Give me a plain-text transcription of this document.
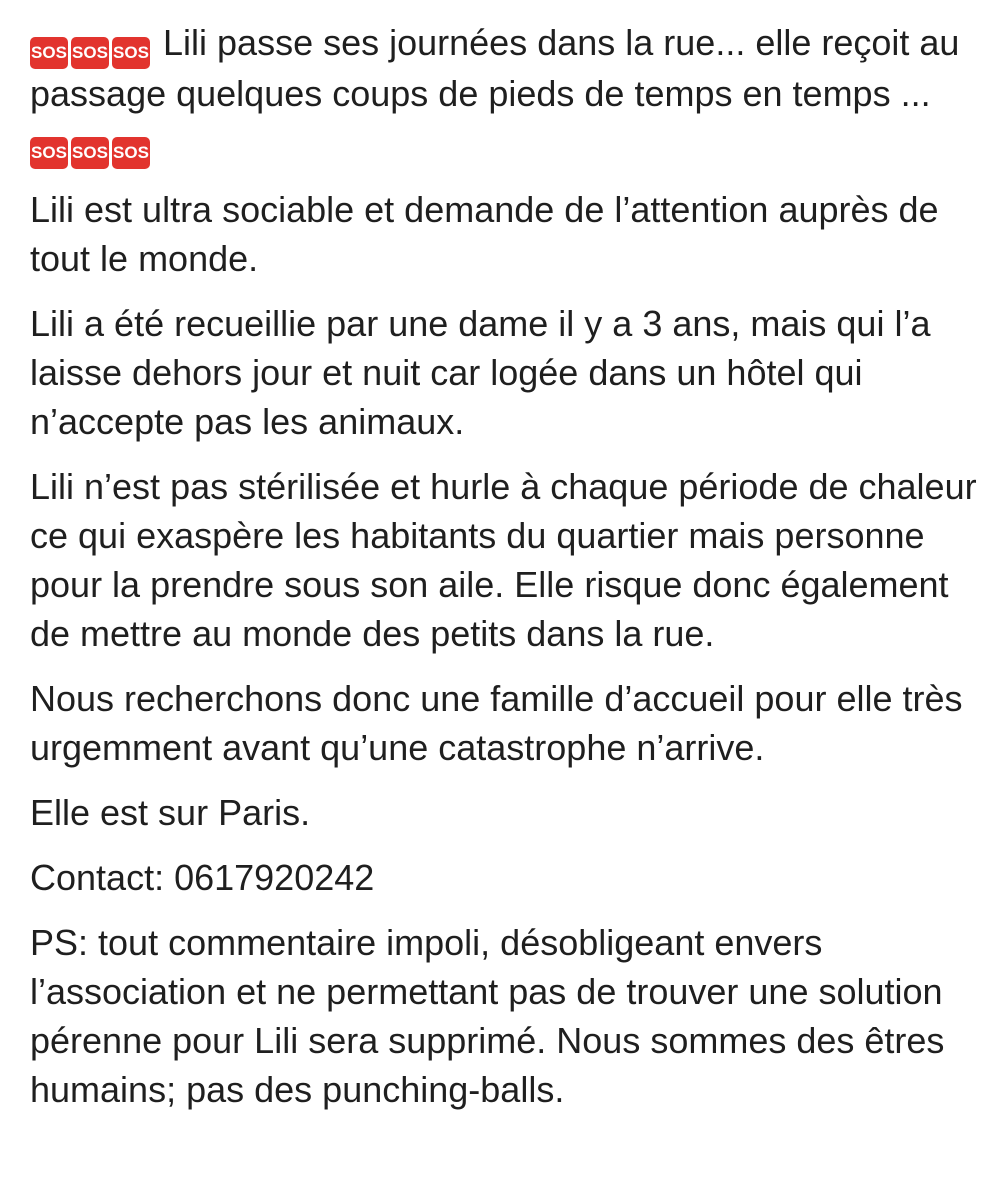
SOS SOS SOS Lili passe ses journées dans la rue... elle reçoit au passage quelques coups de pieds de temps en temps ... SOS SOS SOS

Lili est ultra sociable et demande de l’attention auprès de tout le monde.

Lili a été recueillie par une dame il y a 3 ans, mais qui l’a laisse dehors jour et nuit car logée dans un hôtel qui n’accepte pas les animaux.

Lili n’est pas stérilisée et hurle à chaque période de chaleur ce qui exaspère les habitants du quartier mais personne pour la prendre sous son aile. Elle risque donc également de mettre au monde des petits dans la rue.

Nous recherchons donc une famille d’accueil pour elle très urgemment avant qu’une catastrophe n’arrive.

Elle est sur Paris.

Contact: 0617920242

PS: tout commentaire impoli, désobligeant envers l’association et ne permettant pas de trouver une solution pérenne pour Lili sera supprimé. Nous sommes des êtres humains; pas des punching-balls.
